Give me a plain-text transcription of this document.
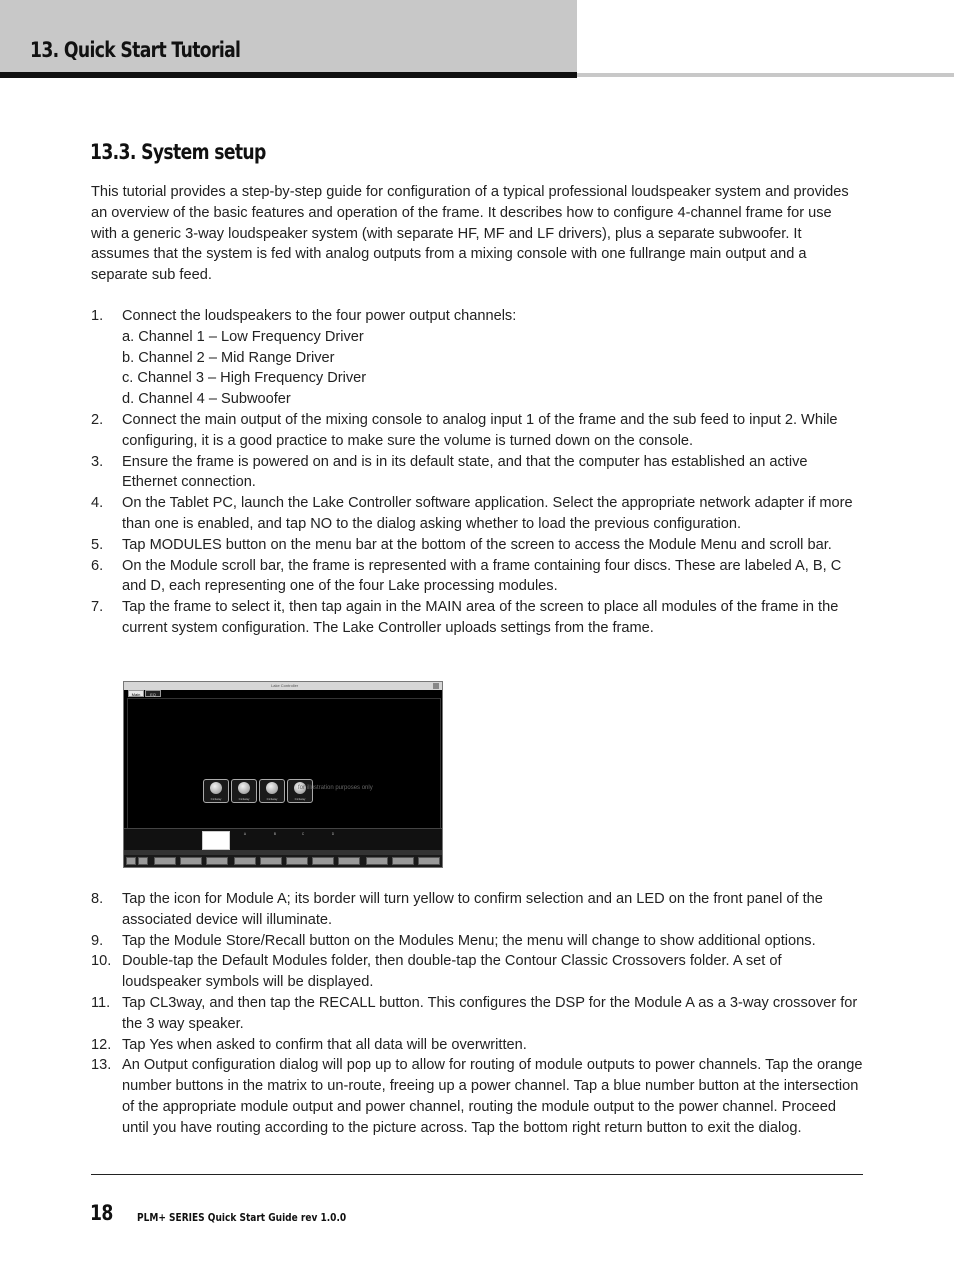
13. Quick Start Tutorial
13.3. System setup

This tutorial provides a step-by-step guide for configuration of a typical professional loudspeaker system and provides an overview of the basic features and operation of the frame. It describes how to configure 4-channel frame for use with a generic 3-way loudspeaker system (with separate HF, MF and LF drivers), plus a separate subwoofer. It assumes that the system is fed with analog outputs from a mixing console with one fullrange main output and a separate sub feed.

1. Connect the loudspeakers to the four power output channels:
a. Channel 1 – Low Frequency Driver
b. Channel 2 – Mid Range Driver
c. Channel 3 – High Frequency Driver
d. Channel 4 – Subwoofer
2. Connect the main output of the mixing console to analog input 1 of the frame and the sub feed to input 2. While configuring, it is a good practice to make sure the volume is turned down on the console.
3. Ensure the frame is powered on and is in its default state, and that the computer has established an active Ethernet connection.
4. On the Tablet PC, launch the Lake Controller software application. Select the appropriate network adapter if more than one is enabled, and tap NO to the dialog asking whether to load the previous configuration.
5. Tap MODULES button on the menu bar at the bottom of the screen to access the Module Menu and scroll bar.
6. On the Module scroll bar, the frame is represented with a frame containing four discs. These are labeled A, B, C and D, each representing one of the four Lake processing modules.
7. Tap the frame to select it, then tap again in the MAIN area of the screen to place all modules of the frame in the current system configuration. The Lake Controller uploads settings from the frame.
Lake Controller
Main	EQ
CL3way	CL3way	CL3way	CL3way
for illustration purposes only
A	B	C	D
8. Tap the icon for Module A; its border will turn yellow to confirm selection and an LED on the front panel of the associated device will illuminate.
9. Tap the Module Store/Recall button on the Modules Menu; the menu will change to show additional options.
10. Double-tap the Default Modules folder, then double-tap the Contour Classic Crossovers folder. A set of loudspeaker symbols will be displayed.
11. Tap CL3way, and then tap the RECALL button. This configures the DSP for the Module A as a 3-way crossover for the 3 way speaker.
12. Tap Yes when asked to confirm that all data will be overwritten.
13. An Output configuration dialog will pop up to allow for routing of module outputs to power channels. Tap the orange number buttons in the matrix to un-route, freeing up a power channel. Tap a blue number button at the intersection of the appropriate module output and power channel, routing the module output to the power channel. Proceed until you have routing according to the picture across. Tap the bottom right return button to exit the dialog.

18 PLM+ SERIES Quick Start Guide rev 1.0.0
